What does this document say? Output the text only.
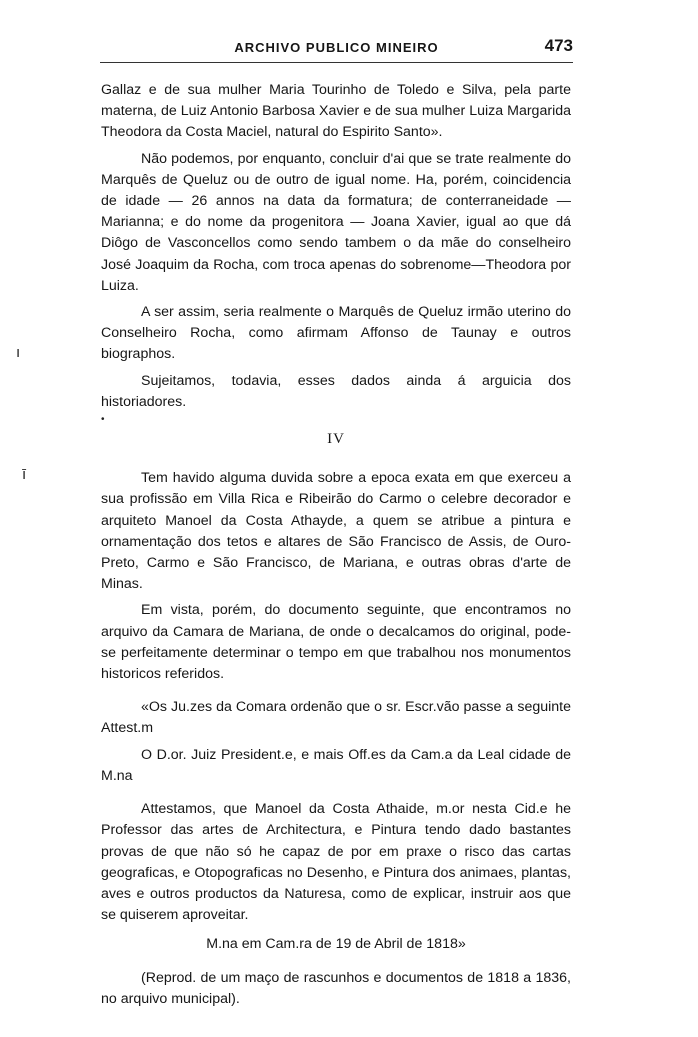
ARCHIVO PUBLICO MINEIRO	473
ı
ī
•

Gallaz e de sua mulher Maria Tourinho de Toledo e Silva, pela parte materna, de Luiz Antonio Barbosa Xavier e de sua mulher Luiza Margarida Theodora da Costa Maciel, natural do Espirito Santo».

Não podemos, por enquanto, concluir d'ai que se trate realmente do Marquês de Queluz ou de outro de igual nome. Ha, porém, coincidencia de idade — 26 annos na data da formatura; de conterraneidade — Marianna; e do nome da progenitora — Joana Xavier, igual ao que dá Diôgo de Vasconcellos como sendo tambem o da mãe do conselheiro José Joaquim da Rocha, com troca apenas do sobrenome—Theodora por Luiza.

A ser assim, seria realmente o Marquês de Queluz irmão uterino do Conselheiro Rocha, como afirmam Affonso de Taunay e outros biographos.

Sujeitamos, todavia, esses dados ainda á arguicia dos historiadores.

IV

Tem havido alguma duvida sobre a epoca exata em que exerceu a sua profissão em Villa Rica e Ribeirão do Carmo o celebre decorador e arquiteto Manoel da Costa Athayde, a quem se atribue a pintura e ornamentação dos tetos e altares de São Francisco de Assis, de Ouro-Preto, Carmo e São Francisco, de Mariana, e outras obras d'arte de Minas.

Em vista, porém, do documento seguinte, que encontramos no arquivo da Camara de Mariana, de onde o decalcamos do original, pode-se perfeitamente determinar o tempo em que trabalhou nos monumentos historicos referidos.

«Os Ju.zes da Comara ordenão que o sr. Escr.vão passe a seguinte Attest.m

O D.or. Juiz President.e, e mais Off.es da Cam.a da Leal cidade de M.na

Attestamos, que Manoel da Costa Athaide, m.or nesta Cid.e he Professor das artes de Architectura, e Pintura tendo dado bastantes provas de que não só he capaz de por em praxe o risco das cartas geograficas, e Otopograficas no Desenho, e Pintura dos animaes, plantas, aves e outros productos da Naturesa, como de explicar, instruir aos que se quiserem aproveitar.

M.na em Cam.ra de 19 de Abril de 1818»

(Reprod. de um maço de rascunhos e documentos de 1818 a 1836, no arquivo municipal).
